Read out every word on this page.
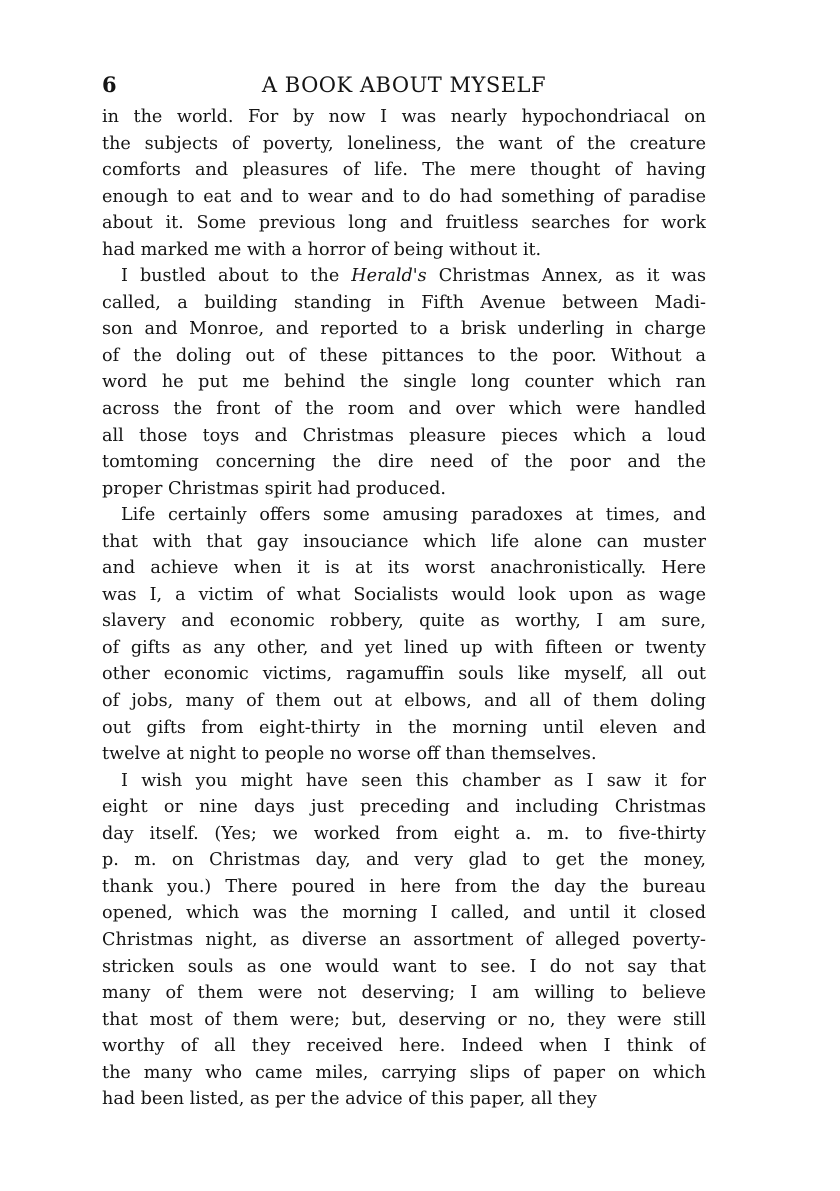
6	A BOOK ABOUT MYSELF
in the world. For by now I was nearly hypochondriacal on
the subjects of poverty, loneliness, the want of the creature
comforts and pleasures of life. The mere thought of having
enough to eat and to wear and to do had something of paradise
about it. Some previous long and fruitless searches for work
had marked me with a horror of being without it.
I bustled about to the Herald's Christmas Annex, as it was
called, a building standing in Fifth Avenue between Madi-
son and Monroe, and reported to a brisk underling in charge
of the doling out of these pittances to the poor. Without a
word he put me behind the single long counter which ran
across the front of the room and over which were handled
all those toys and Christmas pleasure pieces which a loud
tomtoming concerning the dire need of the poor and the
proper Christmas spirit had produced.
Life certainly offers some amusing paradoxes at times, and
that with that gay insouciance which life alone can muster
and achieve when it is at its worst anachronistically. Here
was I, a victim of what Socialists would look upon as wage
slavery and economic robbery, quite as worthy, I am sure,
of gifts as any other, and yet lined up with fifteen or twenty
other economic victims, ragamuffin souls like myself, all out
of jobs, many of them out at elbows, and all of them doling
out gifts from eight-thirty in the morning until eleven and
twelve at night to people no worse off than themselves.
I wish you might have seen this chamber as I saw it for
eight or nine days just preceding and including Christmas
day itself. (Yes; we worked from eight a. m. to five-thirty
p. m. on Christmas day, and very glad to get the money,
thank you.) There poured in here from the day the bureau
opened, which was the morning I called, and until it closed
Christmas night, as diverse an assortment of alleged poverty-
stricken souls as one would want to see. I do not say that
many of them were not deserving; I am willing to believe
that most of them were; but, deserving or no, they were still
worthy of all they received here. Indeed when I think of
the many who came miles, carrying slips of paper on which
had been listed, as per the advice of this paper, all they
